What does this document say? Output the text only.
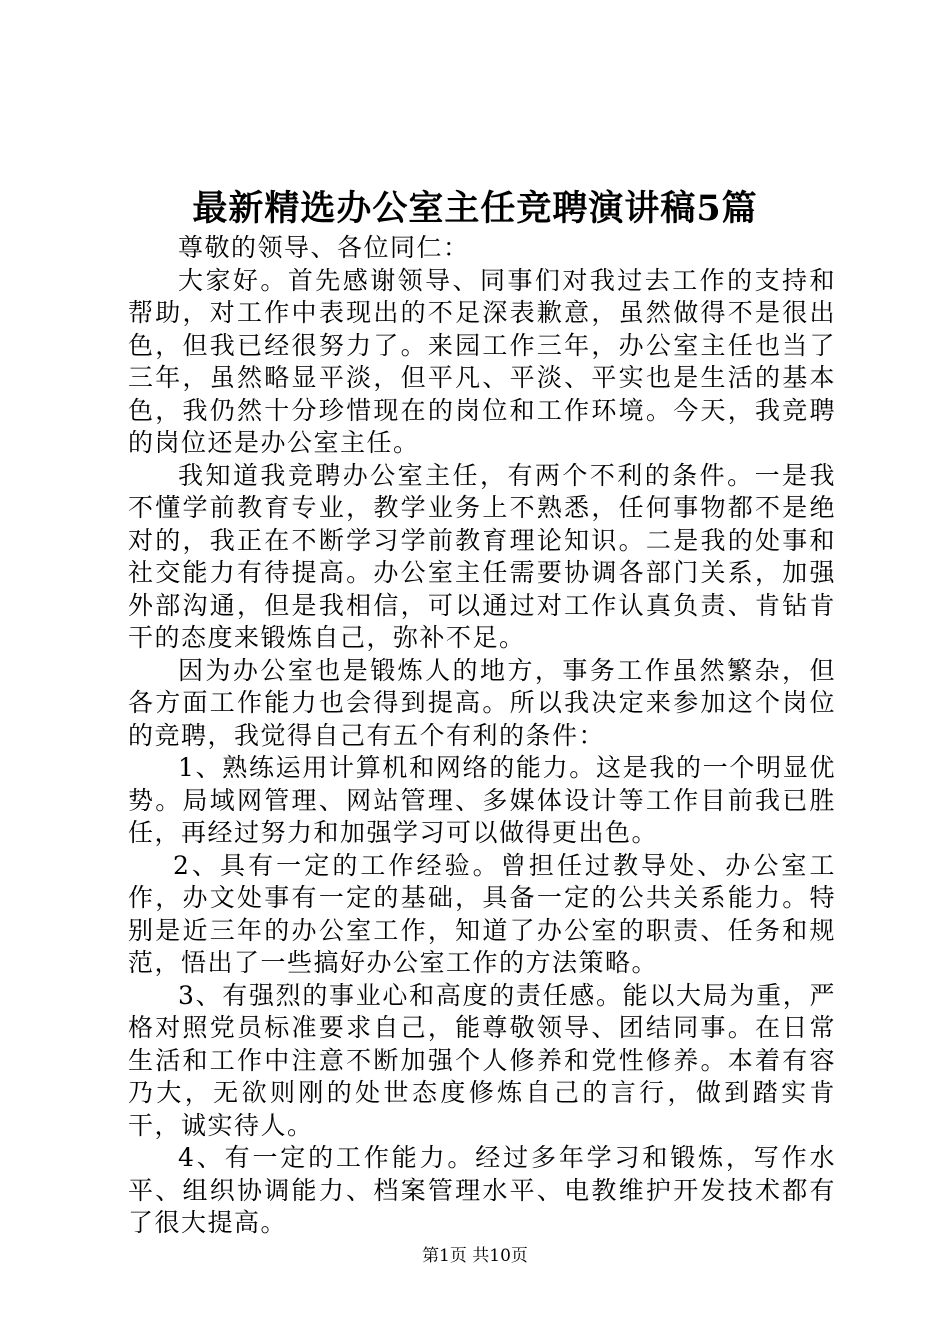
最新精选办公室主任竞聘演讲稿5篇

尊敬的领导、各位同仁：

大家好。首先感谢领导、同事们对我过去工作的支持和帮助，对工作中表现出的不足深表歉意，虽然做得不是很出色，但我已经很努力了。来园工作三年，办公室主任也当了三年，虽然略显平淡，但平凡、平淡、平实也是生活的基本色，我仍然十分珍惜现在的岗位和工作环境。今天，我竞聘的岗位还是办公室主任。

我知道我竞聘办公室主任，有两个不利的条件。一是我不懂学前教育专业，教学业务上不熟悉，任何事物都不是绝对的，我正在不断学习学前教育理论知识。二是我的处事和社交能力有待提高。办公室主任需要协调各部门关系，加强外部沟通，但是我相信，可以通过对工作认真负责、肯钻肯干的态度来锻炼自己，弥补不足。

因为办公室也是锻炼人的地方，事务工作虽然繁杂，但各方面工作能力也会得到提高。所以我决定来参加这个岗位的竞聘，我觉得自己有五个有利的条件：

1、熟练运用计算机和网络的能力。这是我的一个明显优势。局域网管理、网站管理、多媒体设计等工作目前我已胜任，再经过努力和加强学习可以做得更出色。

2、具有一定的工作经验。曾担任过教导处、办公室工作，办文处事有一定的基础，具备一定的公共关系能力。特别是近三年的办公室工作，知道了办公室的职责、任务和规范，悟出了一些搞好办公室工作的方法策略。

3、有强烈的事业心和高度的责任感。能以大局为重，严格对照党员标准要求自己，能尊敬领导、团结同事。在日常生活和工作中注意不断加强个人修养和党性修养。本着有容乃大，无欲则刚的处世态度修炼自己的言行，做到踏实肯干，诚实待人。

4、有一定的工作能力。经过多年学习和锻炼，写作水平、组织协调能力、档案管理水平、电教维护开发技术都有了很大提高。

第1页 共10页
